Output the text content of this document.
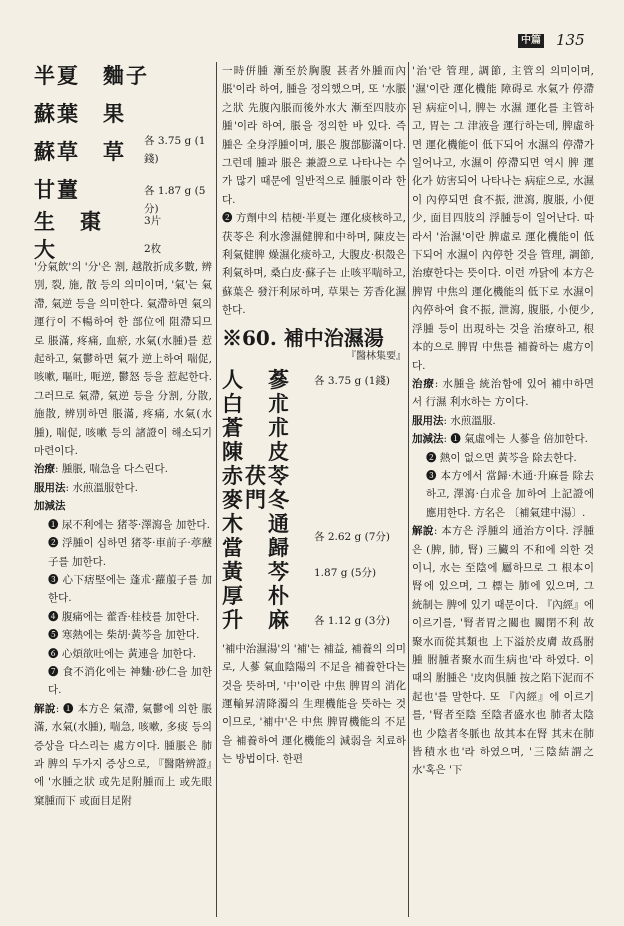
中篇 135
半夏　麯子
各 3.75 g (1錢)
蘇葉　果
蘇草　草
各 1.87 g (5分)
甘薑
3片
生　棗
大	2枚

'分氣飲'의 '分'은 割, 越散折成多數, 辨別, 裂, 施, 散 등의 의미이며, '氣'는 氣滯, 氣逆 등을 의미한다. 氣滯하면 氣의 運行이 不暢하여 한 部位에 阻滯되므로 脹滿, 疼痛, 血瘀, 水氣(水腫)를 惹起하고, 氣鬱하면 氣가 逆上하여 喘促, 咳嗽, 嘔吐, 呃逆, 鬱怒 등을 惹起한다. 그러므로 氣滯, 氣逆 등을 分割, 分散, 施散, 辨別하면 脹滿, 疼痛, 水氣(水腫), 喘促, 咳嗽 등의 諸證이 해소되기 마련이다.

治療: 腫脹, 喘急을 다스린다.

服用法: 水煎溫服한다.

加減法

❶ 尿不利에는 猪苓·澤瀉을 加한다.

❷ 浮腫이 심하면 猪苓·車前子·葶藶子를 加한다.

❸ 心下痞堅에는 蓬朮·蘿菔子를 加한다.

❹ 腹痛에는 藿香·桂枝를 加한다.

❺ 寒熱에는 柴胡·黃芩을 加한다.

❻ 心煩欲吐에는 黃連을 加한다.

❼ 食不消化에는 神麯·砂仁을 加한다.

解說: ❶ 本方은 氣滯, 氣鬱에 의한 脹滿, 水氣(水腫), 喘急, 咳嗽, 多痰 등의 증상을 다스리는 處方이다. 腫脹은 肺과 脾의 두가지 증상으로, 『醫階辨證』에 '水腫之狀 或先足附腫而上 或先眼窠腫而下 或面目足附

一時倂腫 漸至於胸腹 甚者外腫而內脹'이라 하여, 腫을 정의했으며, 또 '水脹之狀 先腹內脹而後外水大 漸至四肢亦腫'이라 하여, 脹을 정의한 바 있다. 즉 腫은 全身浮腫이며, 脹은 腹部膨滿이다. 그런데 腫과 脹은 兼證으로 나타나는 수가 많기 때문에 일반적으로 腫脹이라 한다.

❷ 方劑中의 桔梗·半夏는 運化痰核하고, 茯苓은 利水滲濕健脾和中하며, 陳皮는 利氣健脾 燥濕化痰하고, 大腹皮·枳殼은 利氣하며, 桑白皮·蘇子는 止咳平喘하고, 蘇葉은 發汗利尿하며, 草果는 芳香化濕한다.

※60. 補中治濕湯
『醫林集要』
人　蔘 各 3.75 g (1錢)
白　朮
蒼　朮
陳　皮
赤茯苓
麥門冬
木　通
各 2.62 g (7分)
當　歸
黃　芩 1.87 g (5分)
厚　朴
升　麻 各 1.12 g (3分)

'補中治濕湯'의 '補'는 補益, 補養의 의미로, 人蔘 氣血陰陽의 不足을 補養한다는 것을 뜻하며, '中'이란 中焦 脾胃의 消化 運輸昇清降濁의 生理機能을 뜻하는 것이므로, '補中'은 中焦 脾胃機能의 不足을 補養하여 運化機能의 減弱을 치료하는 방법이다. 한편

'治'란 管理, 調節, 主管의 의미이며, '濕'이란 運化機能 障碍로 水氣가 停滯된 病症이니, 脾는 水濕 運化를 主管하고, 胃는 그 津液을 運行하는데, 脾虛하면 運化機能이 低下되어 水濕의 停滯가 일어나고, 水濕이 停滯되면 역시 脾 運化가 妨害되어 나타나는 病症으로, 水濕이 內停되면 食不振, 泄瀉, 腹脹, 小便少, 面目四肢의 浮腫등이 일어난다. 따라서 '治濕'이란 脾虛로 運化機能이 低下되어 水濕이 內停한 것을 管理, 調節, 治療한다는 뜻이다. 이런 까닭에 本方은 脾胃 中焦의 運化機能의 低下로 水濕이 內停하여 食不振, 泄瀉, 腹脹, 小便少, 浮腫 등이 出現하는 것을 治療하고, 根本的으로 脾胃 中焦를 補養하는 處方이다.

治療: 水腫을 統治함에 있어 補中하면서 行濕 利水하는 方이다.

服用法: 水煎溫服.

加減法: ❶ 氣虛에는 人蔘을 倍加한다.

❷ 熱이 없으면 黃芩을 除去한다.

❸ 本方에서 當歸·木通·升麻를 除去하고, 澤瀉·白朮을 加하여 上記證에 應用한다. 方名은 〔補氣建中湯〕.

解說: 本方은 浮腫의 通治方이다. 浮腫은 (脾, 肺, 腎) 三臟의 不和에 의한 것이니, 水는 至陰에 屬하므로 그 根本이 腎에 있으며, 그 標는 肺에 있으며, 그 統制는 脾에 있기 때문이다. 『內經』에 이르기를, '腎者胃之關也 關閉不利 故聚水而從其類也 上下溢於皮膚 故爲胕腫 胕腫者聚水而生病也'라 하였다. 이때의 胕腫은 '皮肉俱腫 按之陷下泥而不起也'를 말한다. 또 『內經』에 이르기를, '腎者至陰 至陰者盛水也 肺者太陰也 少陰者冬脈也 故其本在腎 其末在肺 皆積水也'라 하였으며, '三陰結謂之水'혹은 '下
